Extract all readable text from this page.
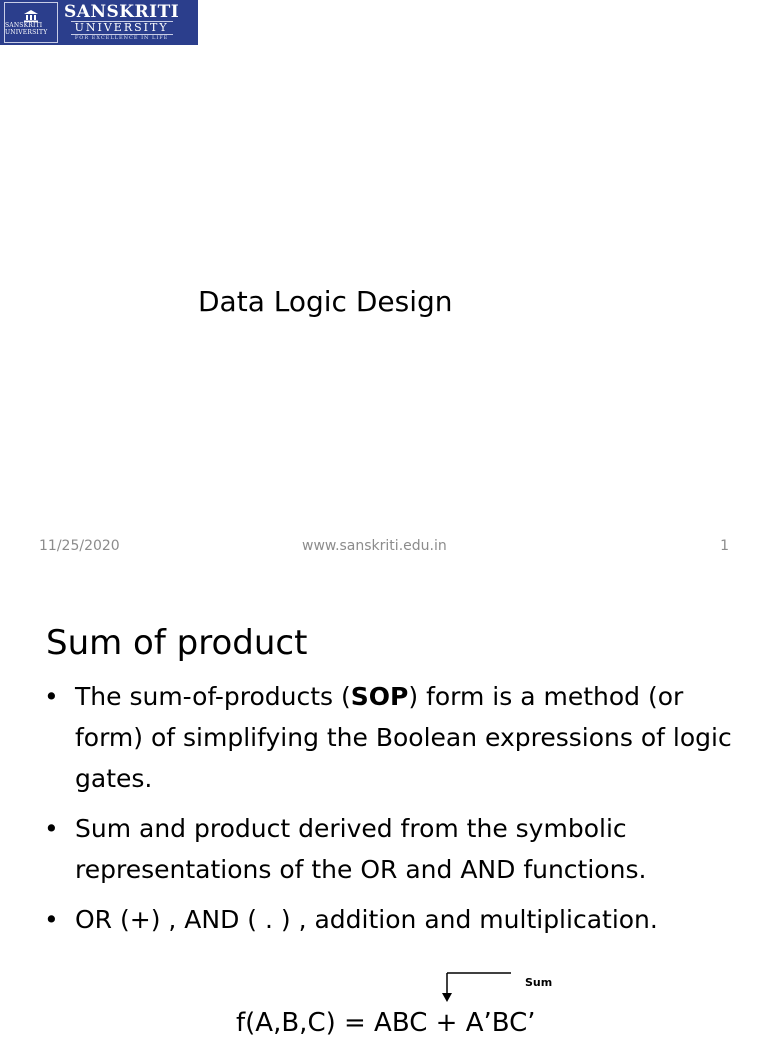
SANSKRITI UNIVERSITY
SANSKRITI
UNIVERSITY
FOR EXCELLENCE IN LIFE
Data Logic Design
11/25/2020	www.sanskriti.edu.in	1
Sum of product
• The sum-of-products (SOP) form is a method (or form) of simplifying the Boolean expressions of logic gates.
• Sum and product derived from the symbolic representations of the OR and AND functions.
• OR (+) , AND ( . ) , addition and multiplication.
Sum
f(A,B,C) = ABC + A’BC’
